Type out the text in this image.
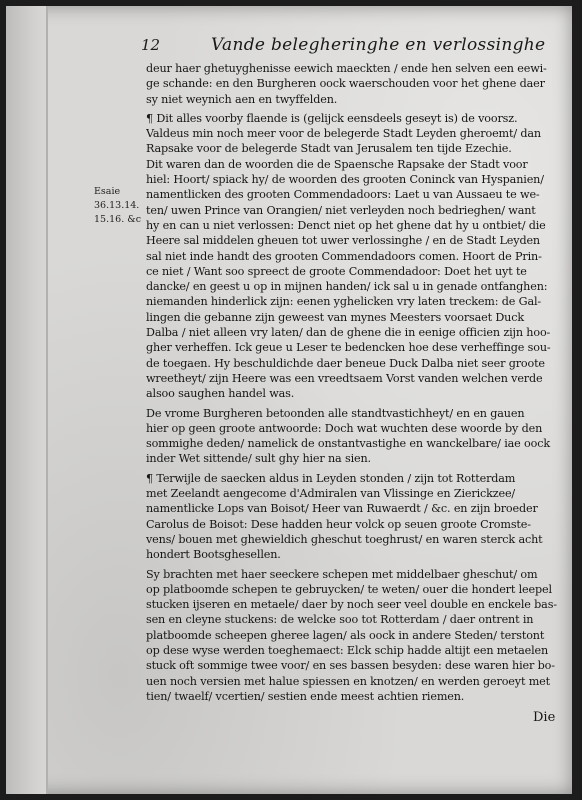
12	Vande belegheringhe en verlossinghe
Esaie
36.13.14.
15.16. &c
deur haer ghetuyghenisse eewich maeckten / ende hen selven een eewi-
ge schande: en den Burgheren oock waerschouden voor het ghene daer
sy niet weynich aen en twyffelden.
¶ Dit alles voorby flaende is (gelijck eensdeels geseyt is) de voorsz.
Valdeus min noch meer voor de belegerde Stadt Leyden gheroemt/ dan
Rapsake voor de belegerde Stadt van Jerusalem ten tijde Ezechie.
Dit waren dan de woorden die de Spaensche Rapsake der Stadt voor
hiel: Hoort/ spiack hy/ de woorden des grooten Coninck van Hyspanien/
namentlicken des grooten Commendadoors: Laet u van Aussaeu te we-
ten/ uwen Prince van Orangien/ niet verleyden noch bedrieghen/ want
hy en can u niet verlossen: Denct niet op het ghene dat hy u ontbiet/ die
Heere sal middelen gheuen tot uwer verlossinghe / en de Stadt Leyden
sal niet inde handt des grooten Commendadoors comen. Hoort de Prin-
ce niet / Want soo spreect de groote Commendadoor: Doet het uyt te
dancke/ en geest u op in mijnen handen/ ick sal u in genade ontfanghen:
niemanden hinderlick zijn: eenen yghelicken vry laten treckem: de Gal-
lingen die gebanne zijn geweest van mynes Meesters voorsaet Duck
Dalba / niet alleen vry laten/ dan de ghene die in eenige officien zijn hoo-
gher verheffen. Ick geue u Leser te bedencken hoe dese verheffinge sou-
de toegaen. Hy beschuldichde daer beneue Duck Dalba niet seer groote
wreetheyt/ zijn Heere was een vreedtsaem Vorst vanden welchen verde
alsoo saughen handel was.
De vrome Burgheren betoonden alle standtvastichheyt/ en en gauen
hier op geen groote antwoorde: Doch wat wuchten dese woorde by den
sommighe deden/ namelick de onstantvastighe en wanckelbare/ iae oock
inder Wet sittende/ sult ghy hier na sien.
¶ Terwijle de saecken aldus in Leyden stonden / zijn tot Rotterdam
met Zeelandt aengecome d'Admiralen van Vlissinge en Zierickzee/
namentlicke Lops van Boisot/ Heer van Ruwaerdt / &c. en zijn broeder
Carolus de Boisot: Dese hadden heur volck op seuen groote Cromste-
vens/ bouen met ghewieldich gheschut toeghrust/ en waren sterck acht
hondert Bootsghesellen.
Sy brachten met haer seeckere schepen met middelbaer gheschut/ om
op platboomde schepen te gebruycken/ te weten/ ouer die hondert leepel
stucken ijseren en metaele/ daer by noch seer veel double en enckele bas-
sen en cleyne stuckens: de welcke soo tot Rotterdam / daer ontrent in
platboomde scheepen gheree lagen/ als oock in andere Steden/ terstont
op dese wyse werden toeghemaect: Elck schip hadde altijt een metaelen
stuck oft sommige twee voor/ en ses bassen besyden: dese waren hier bo-
uen noch versien met halue spiessen en knotzen/ en werden geroeyt met
tien/ twaelf/ vcertien/ sestien ende meest achtien riemen.
Die
